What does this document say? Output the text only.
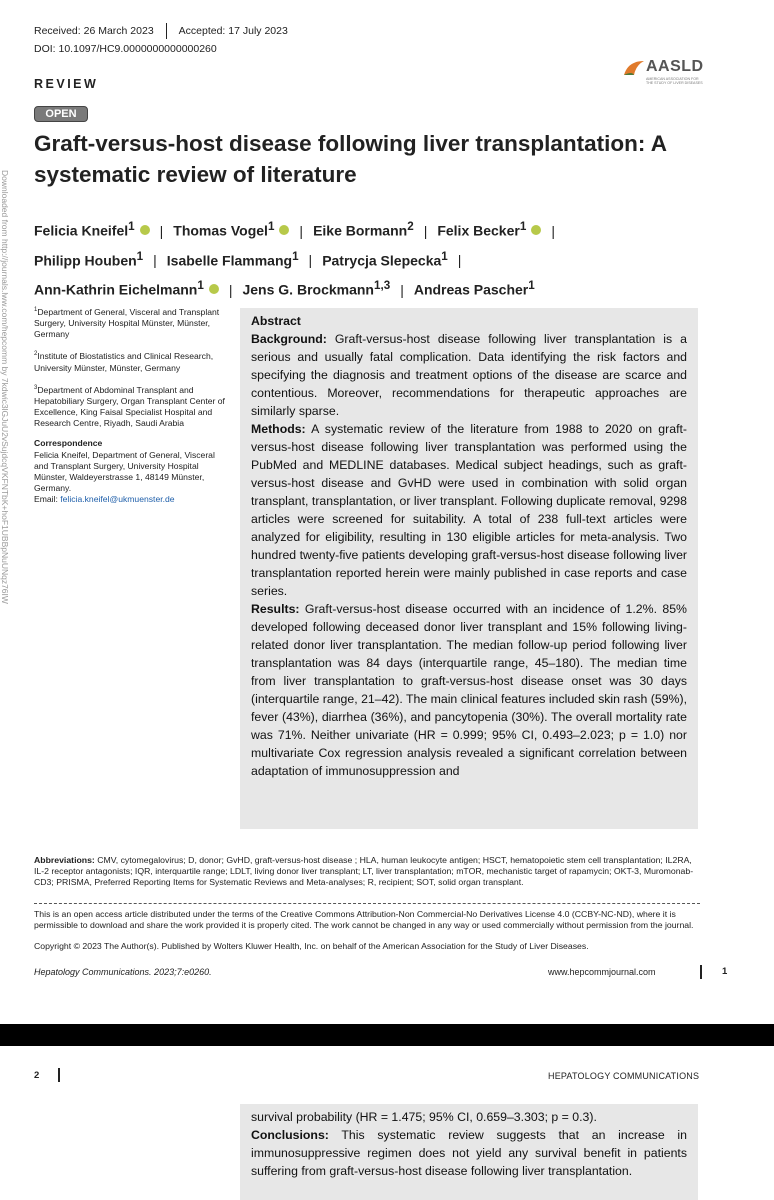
Downloaded from http://journals.lww.com/hepcomm by 7kdwic3lGJuU2vSujdcqVKFNTbK+hoF1UBBpNuUNqz76IW
Received: 26 March 2023 Accepted: 17 July 2023
DOI: 10.1097/HC9.0000000000000260
REVIEW
AASLD
AMERICAN ASSOCIATION FOR THE STUDY OF LIVER DISEASES
OPEN
Graft-versus-host disease following liver transplantation: A systematic review of literature
Felicia Kneifel$^1$ | Thomas Vogel$^1$ | Eike Bormann$^2$ | Felix Becker$^1$ |
Philipp Houben$^1$ | Isabelle Flammang$^1$ | Patrycja Slepecka$^1$ |
Ann-Kathrin Eichelmann$^1$ | Jens G. Brockmann$^{1,3}$ | Andreas Pascher$^1$
$^1$Department of General, Visceral and Transplant Surgery, University Hospital Münster, Münster, Germany
$^2$Institute of Biostatistics and Clinical Research, University Münster, Münster, Germany
$^3$Department of Abdominal Transplant and Hepatobiliary Surgery, Organ Transplant Center of Excellence, King Faisal Specialist Hospital and Research Centre, Riyadh, Saudi Arabia
Correspondence
Felicia Kneifel, Department of General, Visceral and Transplant Surgery, University Hospital Münster, Waldeyerstrasse 1, 48149 Münster, Germany.
Email: felicia.kneifel@ukmuenster.de
Abstract

Background: Graft-versus-host disease following liver transplantation is a serious and usually fatal complication. Data identifying the risk factors and specifying the diagnosis and treatment options of the disease are scarce and contentious. Moreover, recommendations for therapeutic approaches are similarly sparse.

Methods: A systematic review of the literature from 1988 to 2020 on graft-versus-host disease following liver transplantation was performed using the PubMed and MEDLINE databases. Medical subject headings, such as graft-versus-host disease and GvHD were used in combination with solid organ transplant, transplantation, or liver transplant. Following duplicate removal, 9298 articles were screened for suitability. A total of 238 full-text articles were analyzed for eligibility, resulting in 130 eligible articles for meta-analysis. Two hundred twenty-five patients developing graft-versus-host disease following liver transplantation reported herein were mainly published in case reports and case series.

Results: Graft-versus-host disease occurred with an incidence of 1.2%. 85% developed following deceased donor liver transplant and 15% following living-related donor liver transplantation. The median follow-up period following liver transplantation was 84 days (interquartile range, 45–180). The median time from liver transplantation to graft-versus-host disease onset was 30 days (interquartile range, 21–42). The main clinical features included skin rash (59%), fever (43%), diarrhea (36%), and pancytopenia (30%). The overall mortality rate was 71%. Neither univariate (HR = 0.999; 95% CI, 0.493–2.023; p = 1.0) nor multivariate Cox regression analysis revealed a significant correlation between adaptation of immunosuppression and

Abbreviations: CMV, cytomegalovirus; D, donor; GvHD, graft-versus-host disease ; HLA, human leukocyte antigen; HSCT, hematopoietic stem cell transplantation; IL2RA, IL-2 receptor antagonists; IQR, interquartile range; LDLT, living donor liver transplant; LT, liver transplantation; mTOR, mechanistic target of rapamycin; OKT-3, Muromonab-CD3; PRISMA, Preferred Reporting Items for Systematic Reviews and Meta-analyses; R, recipient; SOT, solid organ transplant.
This is an open access article distributed under the terms of the Creative Commons Attribution-Non Commercial-No Derivatives License 4.0 (CCBY-NC-ND), where it is permissible to download and share the work provided it is properly cited. The work cannot be changed in any way or used commercially without permission from the journal.
Copyright © 2023 The Author(s). Published by Wolters Kluwer Health, Inc. on behalf of the American Association for the Study of Liver Diseases.
Hepatology Communications. 2023;7:e0260.	www.hepcommjournal.com	1
2	HEPATOLOGY COMMUNICATIONS

survival probability (HR = 1.475; 95% CI, 0.659–3.303; p = 0.3).

Conclusions: This systematic review suggests that an increase in immunosuppressive regimen does not yield any survival benefit in patients suffering from graft-versus-host disease following liver transplantation.
